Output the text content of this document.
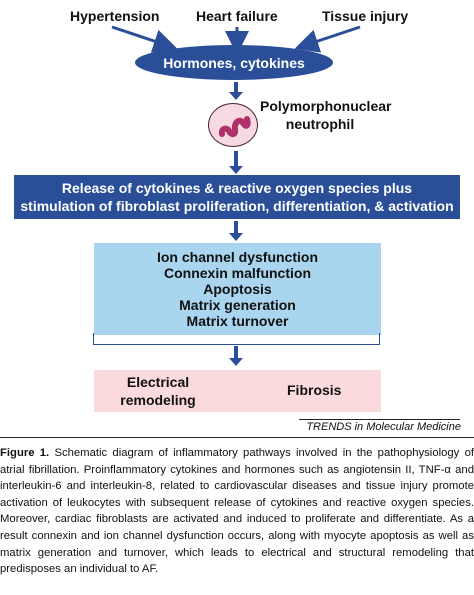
Hypertension	Heart failure	Tissue injury
Hormones, cytokines
Polymorphonuclear
neutrophil
Release of cytokines & reactive oxygen species plus
stimulation of fibroblast proliferation, differentiation, & activation
Ion channel dysfunction
Connexin malfunction
Apoptosis
Matrix generation
Matrix turnover
Electrical remodeling
Fibrosis
TRENDS in Molecular Medicine
Figure 1. Schematic diagram of inflammatory pathways involved in the pathophysiology of atrial fibrillation. Proinflammatory cytokines and hormones such as angiotensin II, TNF-α and interleukin-6 and interleukin-8, related to cardiovascular diseases and tissue injury promote activation of leukocytes with subsequent release of cytokines and reactive oxygen species. Moreover, cardiac fibroblasts are activated and induced to proliferate and differentiate. As a result connexin and ion channel dysfunction occurs, along with myocyte apoptosis as well as matrix generation and turnover, which leads to electrical and structural remodeling that predisposes an individual to AF.
